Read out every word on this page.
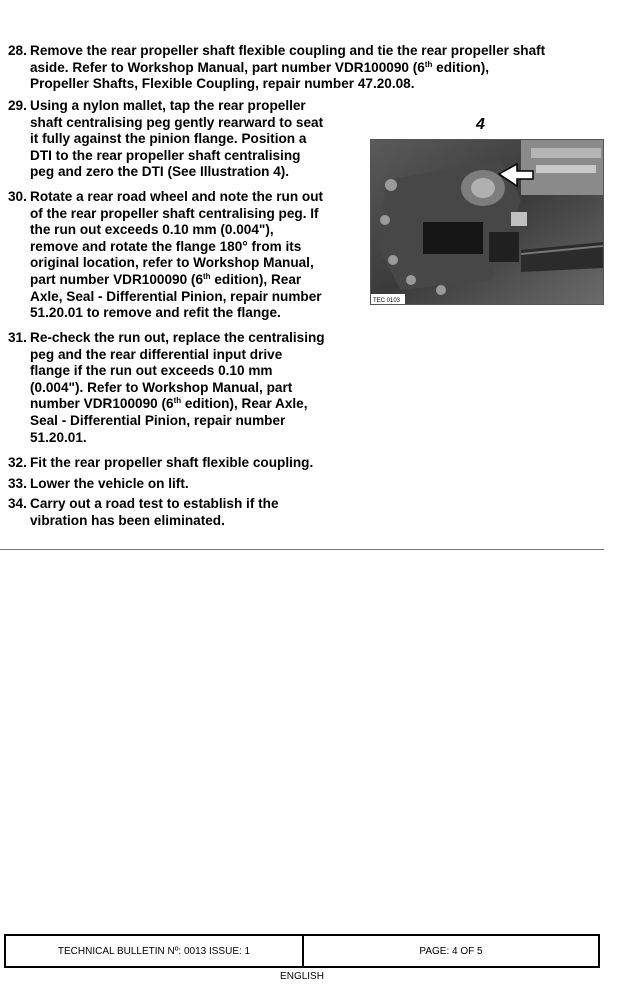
28. Remove the rear propeller shaft flexible coupling and tie the rear propeller shaft
aside. Refer to Workshop Manual, part number VDR100090 (6th edition),
Propeller Shafts, Flexible Coupling, repair number 47.20.08.
29. Using a nylon mallet, tap the rear propeller
shaft centralising peg gently rearward to seat
it fully against the pinion flange. Position a
DTI to the rear propeller shaft centralising
peg and zero the DTI (See Illustration 4).
30. Rotate a rear road wheel and note the run out
of the rear propeller shaft centralising peg. If
the run out exceeds 0.10 mm (0.004"),
remove and rotate the flange 180° from its
original location, refer to Workshop Manual,
part number VDR100090 (6th edition), Rear
Axle, Seal - Differential Pinion, repair number
51.20.01 to remove and refit the flange.
31. Re-check the run out, replace the centralising
peg and the rear differential input drive
flange if the run out exceeds 0.10 mm
(0.004"). Refer to Workshop Manual, part
number VDR100090 (6th edition), Rear Axle,
Seal - Differential Pinion, repair number
51.20.01.
32. Fit the rear propeller shaft flexible coupling.
33. Lower the vehicle on lift.
34. Carry out a road test to establish if the
vibration has been eliminated.
4
TEC 0103
TECHNICAL BULLETIN Nº: 0013 ISSUE: 1	PAGE: 4 OF 5
ENGLISH
